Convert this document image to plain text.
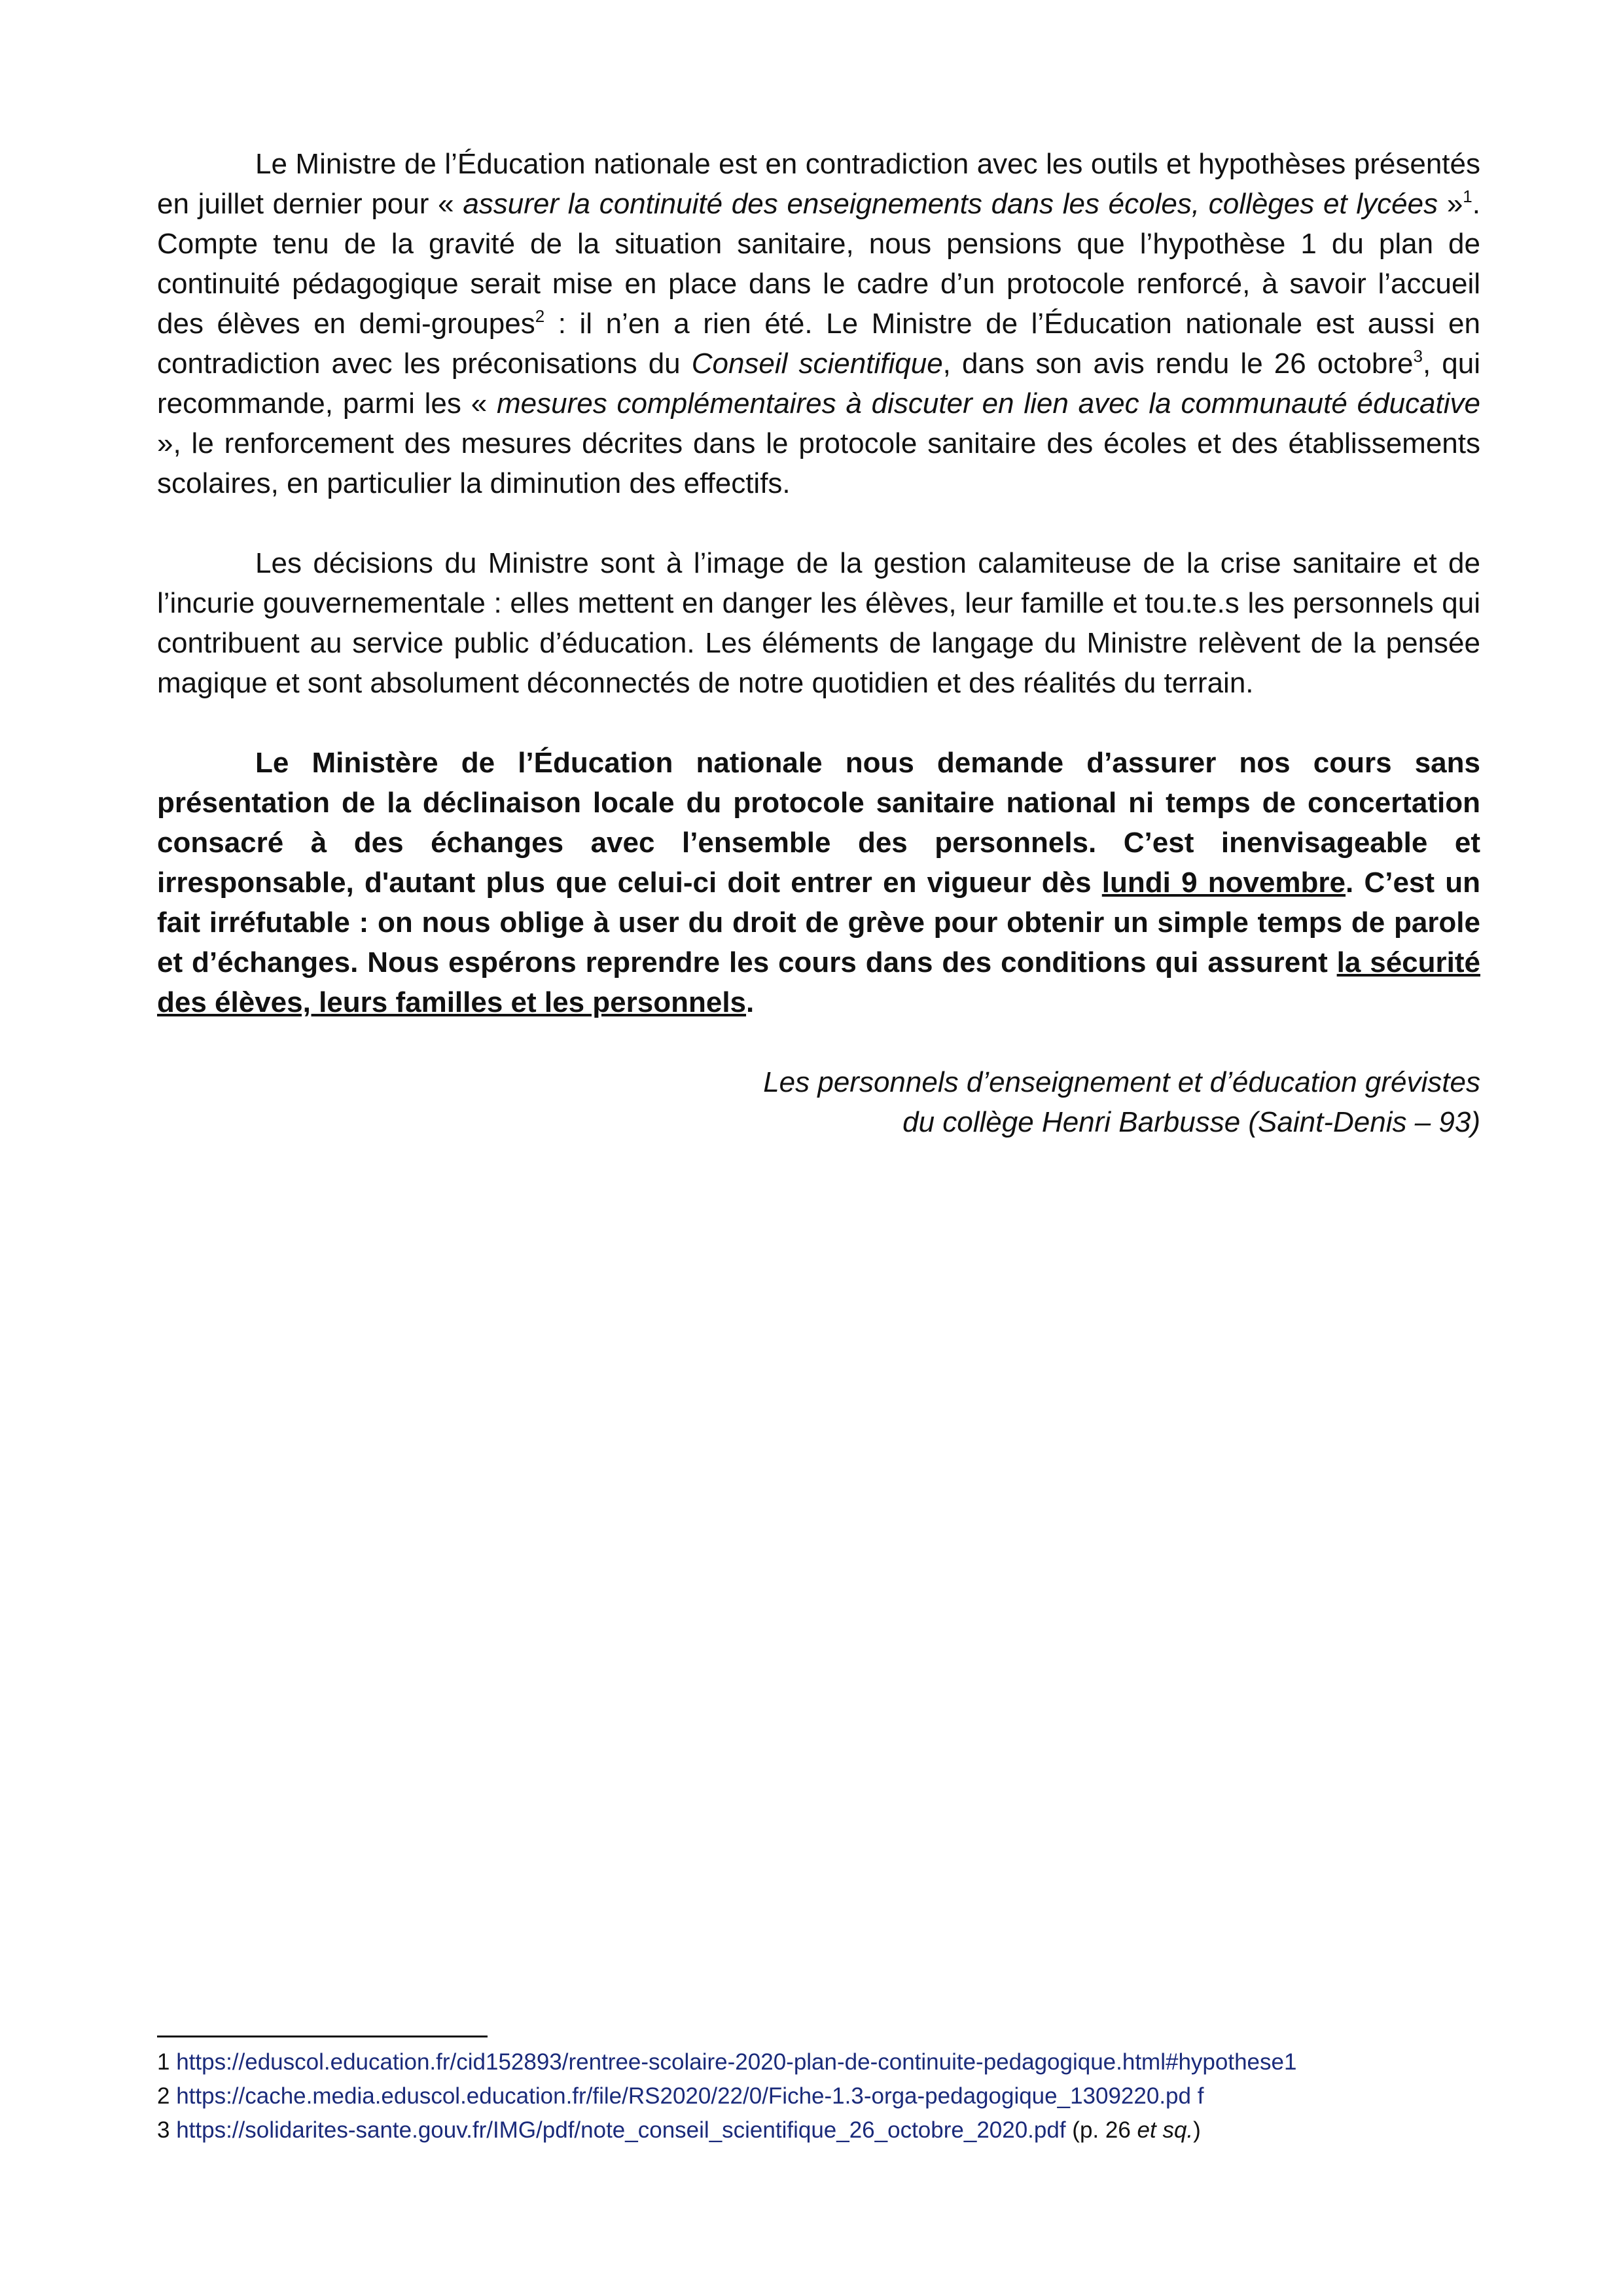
Le Ministre de l’Éducation nationale est en contradiction avec les outils et hypothèses présentés en juillet dernier pour « assurer la continuité des enseignements dans les écoles, collèges et lycées »$^1$. Compte tenu de la gravité de la situation sanitaire, nous pensions que l’hypothèse 1 du plan de continuité pédagogique serait mise en place dans le cadre d’un protocole renforcé, à savoir l’accueil des élèves en demi-groupes$^2$ : il n’en a rien été. Le Ministre de l’Éducation nationale est aussi en contradiction avec les préconisations du Conseil scientifique, dans son avis rendu le 26 octobre$^3$, qui recommande, parmi les « mesures complémentaires à discuter en lien avec la communauté éducative », le renforcement des mesures décrites dans le protocole sanitaire des écoles et des établissements scolaires, en particulier la diminution des effectifs.

Les décisions du Ministre sont à l’image de la gestion calamiteuse de la crise sanitaire et de l’incurie gouvernementale : elles mettent en danger les élèves, leur famille et tou.te.s les personnels qui contribuent au service public d’éducation. Les éléments de langage du Ministre relèvent de la pensée magique et sont absolument déconnectés de notre quotidien et des réalités du terrain.

Le Ministère de l’Éducation nationale nous demande d’assurer nos cours sans présentation de la déclinaison locale du protocole sanitaire national ni temps de concertation consacré à des échanges avec l’ensemble des personnels. C’est inenvisageable et irresponsable, d'autant plus que celui-ci doit entrer en vigueur dès lundi 9 novembre. C’est un fait irréfutable : on nous oblige à user du droit de grève pour obtenir un simple temps de parole et d’échanges. Nous espérons reprendre les cours dans des conditions qui assurent la sécurité des élèves, leurs familles et les personnels.

Les personnels d’enseignement et d’éducation grévistes
du collège Henri Barbusse (Saint-Denis – 93)
1 https://eduscol.education.fr/cid152893/rentree-scolaire-2020-plan-de-continuite-pedagogique.html#hypothese1
2 https://cache.media.eduscol.education.fr/file/RS2020/22/0/Fiche-1.3-orga-pedagogique_1309220.pd f
3 https://solidarites-sante.gouv.fr/IMG/pdf/note_conseil_scientifique_26_octobre_2020.pdf (p. 26 et sq.)
